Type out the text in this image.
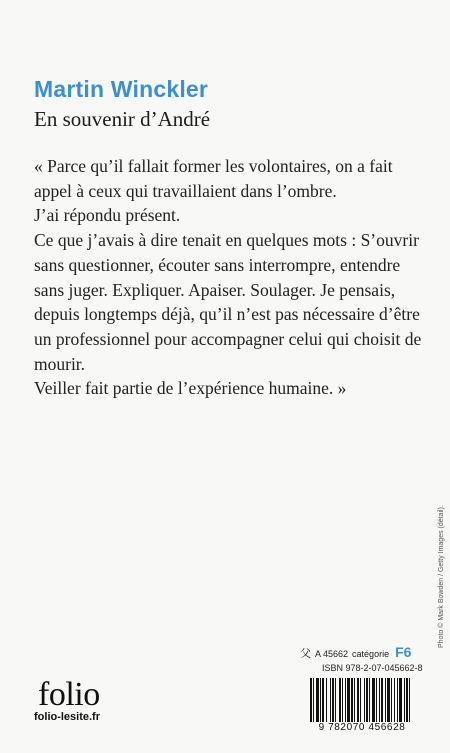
Martin Winckler
En souvenir d’André

« Parce qu’il fallait former les volontaires, on a fait appel à ceux qui travaillaient dans l’ombre.

J’ai répondu présent.

Ce que j’avais à dire tenait en quelques mots : S’ouvrir sans questionner, écouter sans interrompre, entendre sans juger. Expliquer. Apaiser. Soulager. Je pensais, depuis longtemps déjà, qu’il n’est pas nécessaire d’être un professionnel pour accompagner celui qui choisit de mourir.

Veiller fait partie de l’expérience humaine. »

Photo © Mark Bowden / Getty Images (détail).
folio
folio-lesite.fr
父 A 45662 catégorie F6
ISBN 978-2-07-045662-8
9 782070 456628
